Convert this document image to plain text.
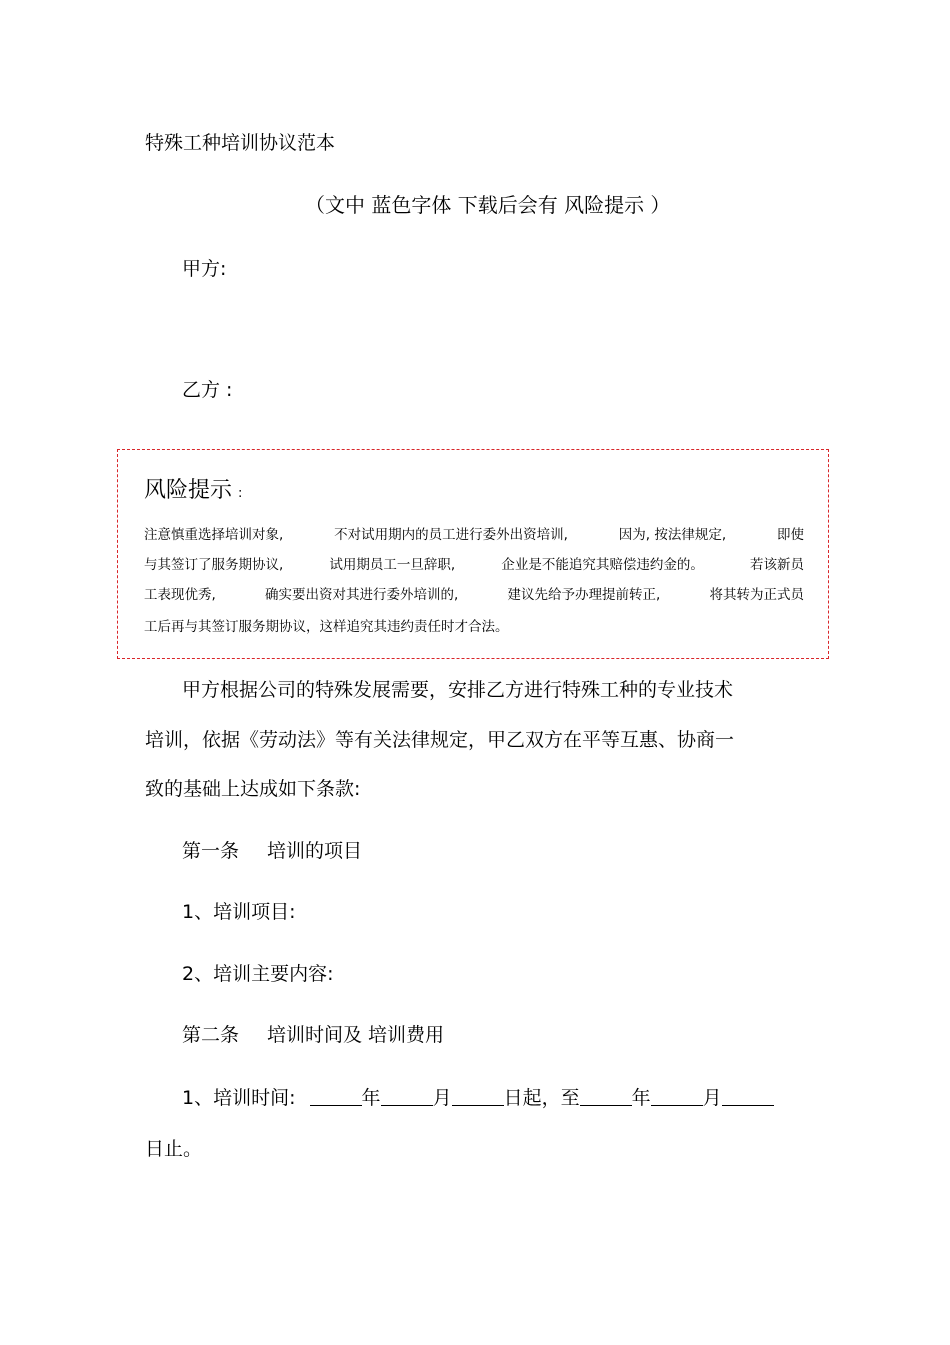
特殊工种培训协议范本
（文中 蓝色字体 下载后会有 风险提示 ）
甲方:
乙方 :
风险提示 :
注意慎重选择培训对象,	不对试用期内的员工进行委外出资培训,	因为, 按法律规定,	即使
与其签订了服务期协议,	试用期员工一旦辞职,	企业是不能追究其赔偿违约金的。	若该新员
工表现优秀,	确实要出资对其进行委外培训的,	建议先给予办理提前转正,	将其转为正式员
工后再与其签订服务期协议，这样追究其违约责任时才合法。
甲方根据公司的特殊发展需要，安排乙方进行特殊工种的专业技术
培训，依据《劳动法》等有关法律规定，甲乙双方在平等互惠、协商一
致的基础上达成如下条款:
第一条 培训的项目
1、培训项目:
2、培训主要内容:
第二条 培训时间及 培训费用
1、培训时间:	年	月	日起，至	年	月
日止。
